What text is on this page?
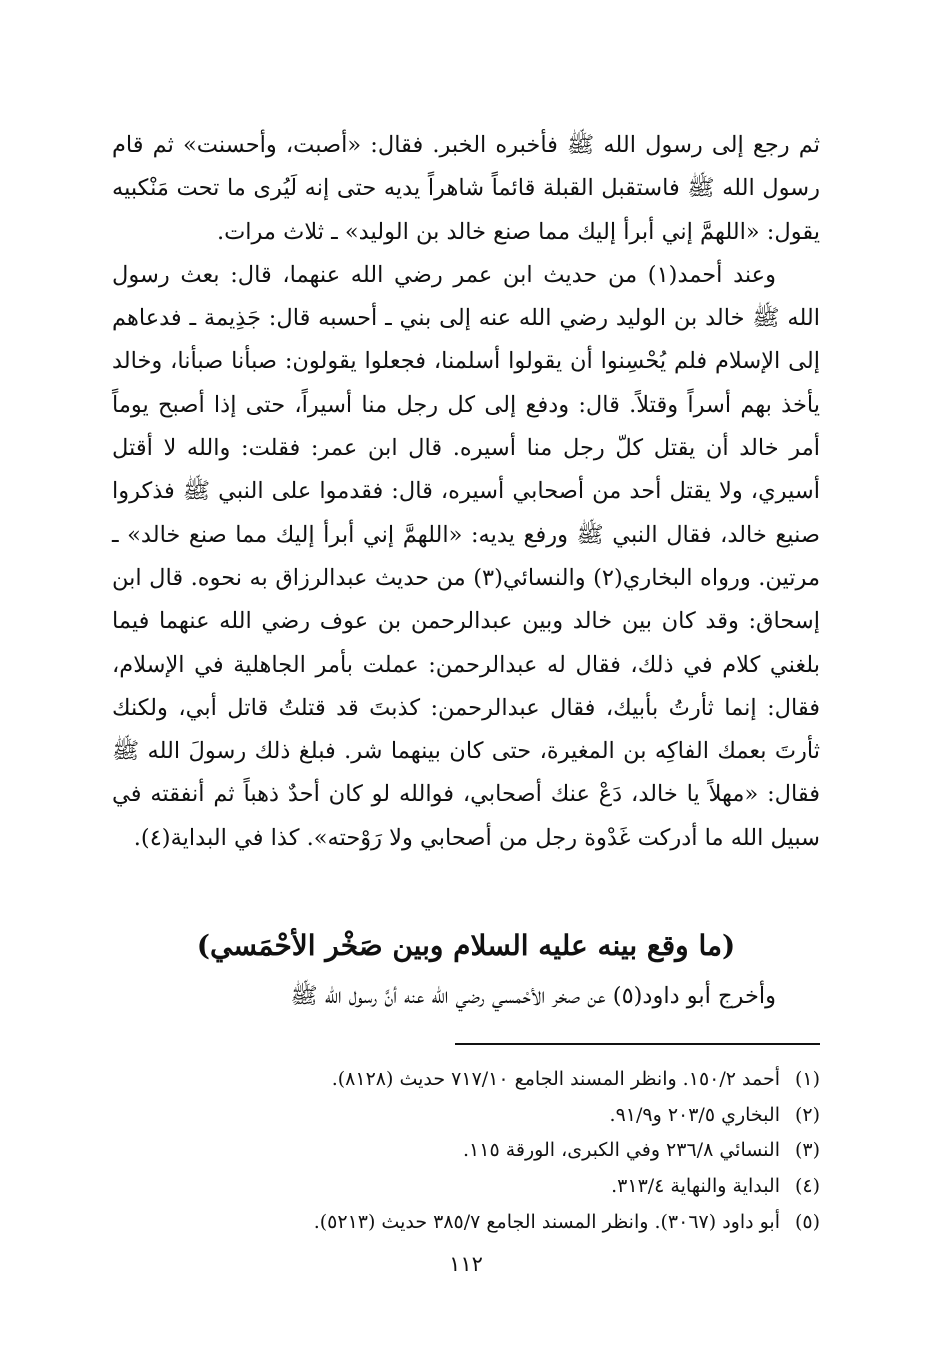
ثم رجع إلى رسول الله ﷺ فأخبره الخبر. فقال: «أصبت، وأحسنت» ثم قام رسول الله ﷺ فاستقبل القبلة قائماً شاهراً يديه حتى إنه لَيُرى ما تحت مَنْكبيه يقول: «اللهمَّ إني أبرأ إليك مما صنع خالد بن الوليد» ـ ثلاث مرات.

وعند أحمد(١) من حديث ابن عمر رضي الله عنهما، قال: بعث رسول الله ﷺ خالد بن الوليد رضي الله عنه إلى بني ـ أحسبه قال: جَذِيمة ـ فدعاهم إلى الإسلام فلم يُحْسِنوا أن يقولوا أسلمنا، فجعلوا يقولون: صبأنا صبأنا، وخالد يأخذ بهم أسراً وقتلاً. قال: ودفع إلى كل رجل منا أسيراً، حتى إذا أصبح يوماً أمر خالد أن يقتل كلّ رجل منا أسيره. قال ابن عمر: فقلت: والله لا أقتل أسيري، ولا يقتل أحد من أصحابي أسيره، قال: فقدموا على النبي ﷺ فذكروا صنيع خالد، فقال النبي ﷺ ورفع يديه: «اللهمَّ إني أبرأ إليك مما صنع خالد» ـ مرتين. ورواه البخاري(٢) والنسائي(٣) من حديث عبدالرزاق به نحوه. قال ابن إسحاق: وقد كان بين خالد وبين عبدالرحمن بن عوف رضي الله عنهما فيما بلغني كلام في ذلك، فقال له عبدالرحمن: عملت بأمر الجاهلية في الإسلام، فقال: إنما ثأرتُ بأبيك، فقال عبدالرحمن: كذبتَ قد قتلتُ قاتل أبي، ولكنك ثأرتَ بعمك الفاكِه بن المغيرة، حتى كان بينهما شر. فبلغ ذلك رسولَ الله ﷺ فقال: «مهلاً يا خالد، دَعْ عنك أصحابي، فوالله لو كان أحدٌ ذهباً ثم أنفقته في سبيل الله ما أدركت غَدْوة رجل من أصحابي ولا رَوْحته». كذا في البداية(٤).

(ما وقع بينه عليه السلام وبين صَخْر الأحْمَسي)

وأخرج أبو داود(٥) عن صخر الأحْمسي رضي الله عنه أنَّ رسول الله ﷺ

(١)
أحمد ١٥٠/٢. وانظر المسند الجامع ٧١٧/١٠ حديث (٨١٢٨).
(٢)
البخاري ٢٠٣/٥ و٩١/٩.
(٣)
النسائي ٢٣٦/٨ وفي الكبرى، الورقة ١١٥.
(٤)
البداية والنهاية ٣١٣/٤.
(٥)
أبو داود (٣٠٦٧). وانظر المسند الجامع ٣٨٥/٧ حديث (٥٢١٣).

١١٢
